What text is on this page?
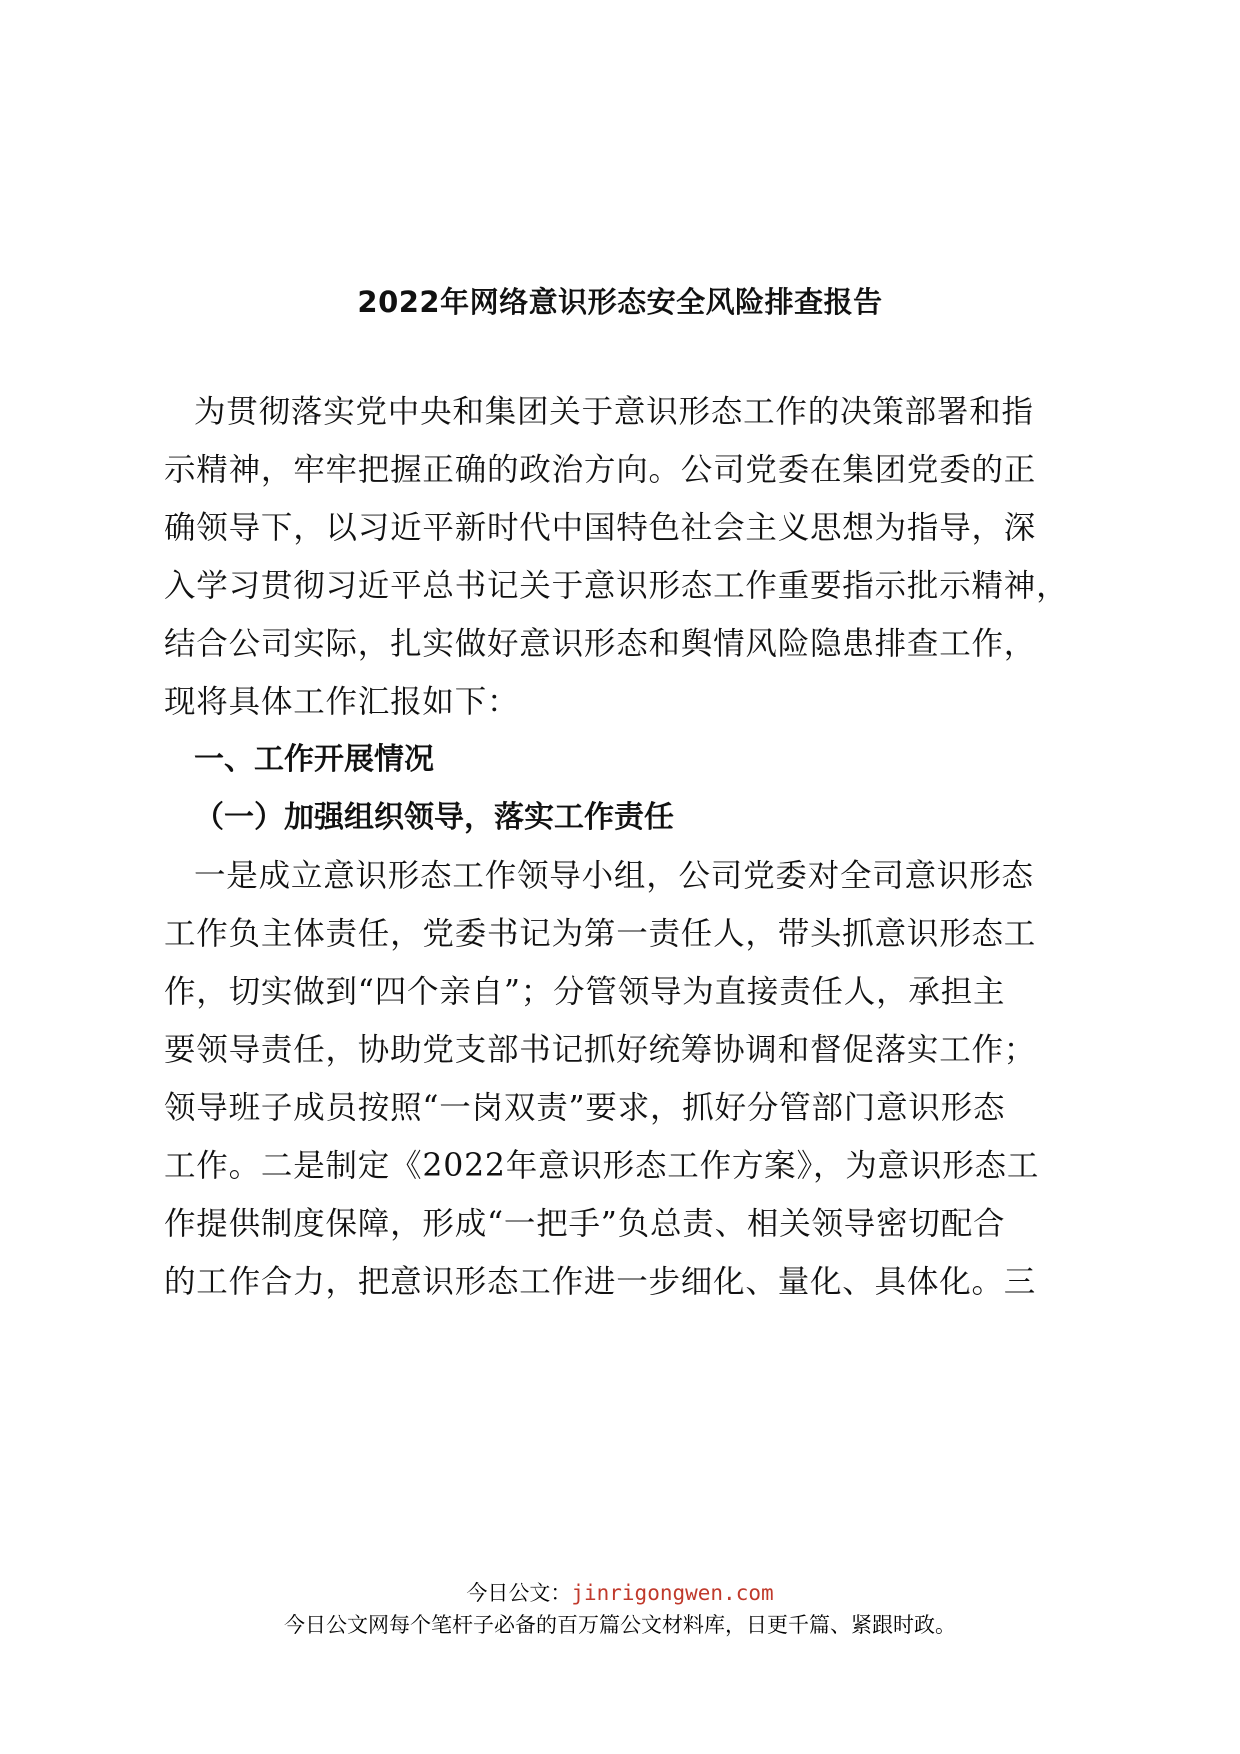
2022年网络意识形态安全风险排查报告
为贯彻落实党中央和集团关于意识形态工作的决策部署和指
示精神，牢牢把握正确的政治方向。公司党委在集团党委的正
确领导下，以习近平新时代中国特色社会主义思想为指导，深
入学习贯彻习近平总书记关于意识形态工作重要指示批示精神，
结合公司实际，扎实做好意识形态和舆情风险隐患排查工作，
现将具体工作汇报如下：
一、工作开展情况
（一）加强组织领导，落实工作责任
一是成立意识形态工作领导小组，公司党委对全司意识形态
工作负主体责任，党委书记为第一责任人，带头抓意识形态工
作，切实做到“四个亲自”；分管领导为直接责任人，承担主
要领导责任，协助党支部书记抓好统筹协调和督促落实工作；
领导班子成员按照“一岗双责”要求，抓好分管部门意识形态
工作。二是制定《2022年意识形态工作方案》，为意识形态工
作提供制度保障，形成“一把手”负总责、相关领导密切配合
的工作合力，把意识形态工作进一步细化、量化、具体化。三
今日公文：jinrigongwen.com
今日公文网每个笔杆子必备的百万篇公文材料库，日更千篇、紧跟时政。
